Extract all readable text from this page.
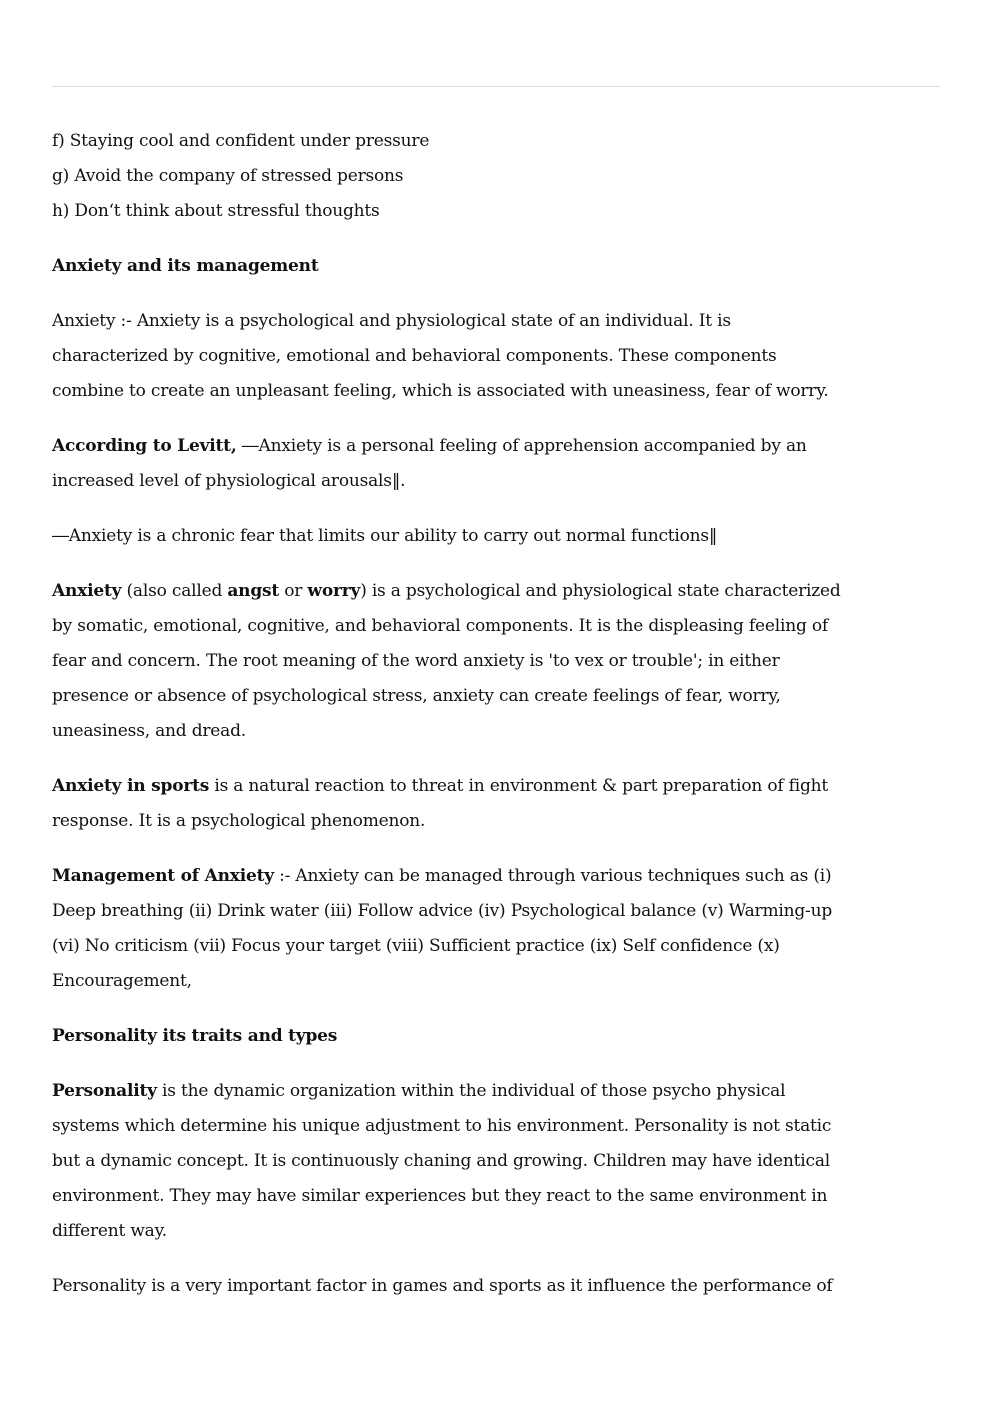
f) Staying cool and confident under pressure
g) Avoid the company of stressed persons
h) Don‘t think about stressful thoughts
Anxiety and its management
Anxiety :- Anxiety is a psychological and physiological state of an individual. It is
characterized by cognitive, emotional and behavioral components. These components
combine to create an unpleasant feeling, which is associated with uneasiness, fear of worry.
According to Levitt, ―Anxiety is a personal feeling of apprehension accompanied by an
increased level of physiological arousals‖.
―Anxiety is a chronic fear that limits our ability to carry out normal functions‖
Anxiety (also called angst or worry) is a psychological and physiological state characterized
by somatic, emotional, cognitive, and behavioral components. It is the displeasing feeling of
fear and concern. The root meaning of the word anxiety is 'to vex or trouble'; in either
presence or absence of psychological stress, anxiety can create feelings of fear, worry,
uneasiness, and dread.
Anxiety in sports is a natural reaction to threat in environment & part preparation of fight
response. It is a psychological phenomenon.
Management of Anxiety :- Anxiety can be managed through various techniques such as (i)
Deep breathing (ii) Drink water (iii) Follow advice (iv) Psychological balance (v) Warming-up
(vi) No criticism (vii) Focus your target (viii) Sufficient practice (ix) Self confidence (x)
Encouragement,
Personality its traits and types
Personality is the dynamic organization within the individual of those psycho physical
systems which determine his unique adjustment to his environment. Personality is not static
but a dynamic concept. It is continuously chaning and growing. Children may have identical
environment. They may have similar experiences but they react to the same environment in
different way.
Personality is a very important factor in games and sports as it influence the performance of
